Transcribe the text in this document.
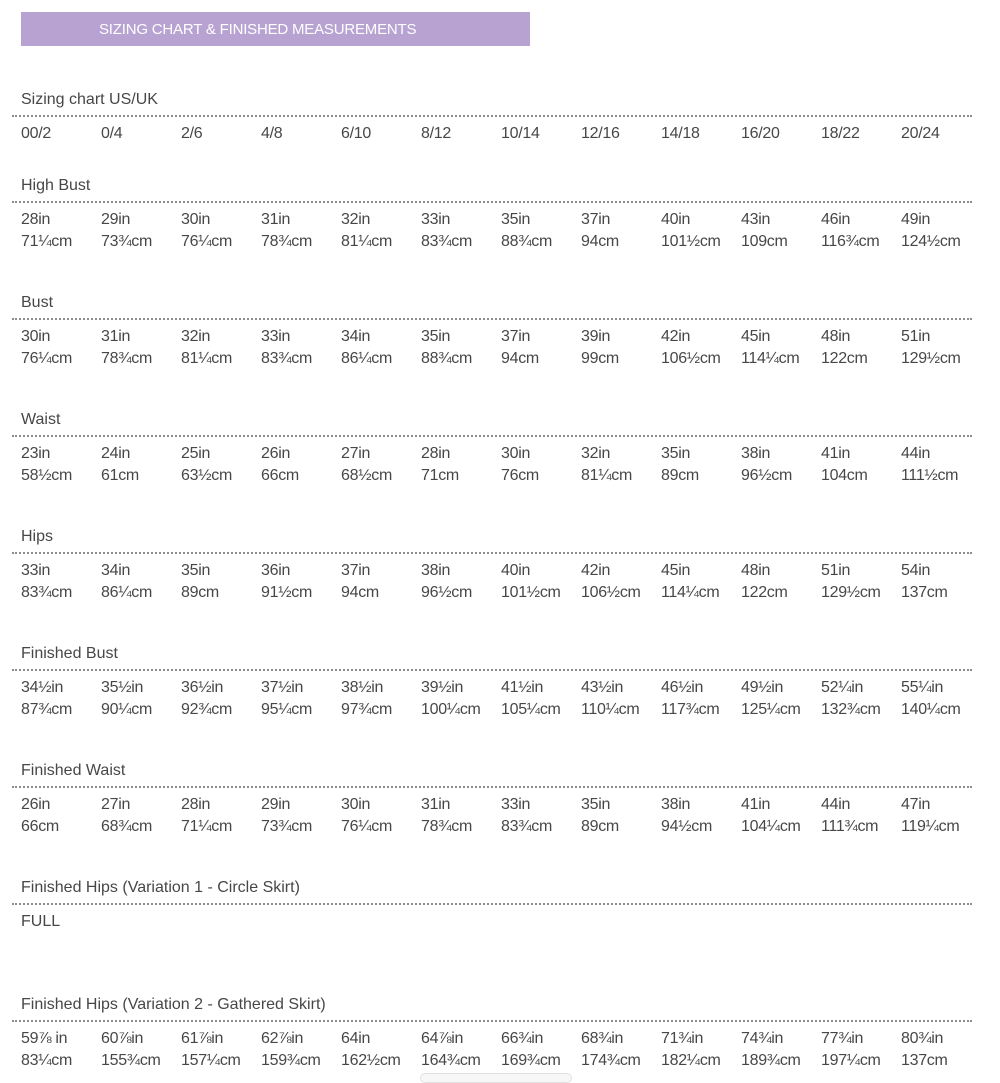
SIZING CHART & FINISHED MEASUREMENTS
Sizing chart US/UK
00/2	0/4	2/6	4/8	6/10	8/12	10/14	12/16	14/18	16/20	18/22	20/24
High Bust
28in	29in	30in	31in	32in	33in	35in	37in	40in	43in	46in	49in
71¼cm 73¾cm 76¼cm 78¾cm 81¼cm 83¾cm 88¾cm 94cm	101½cm 109cm 116¾cm 124½cm
Bust
30in	31in	32in	33in	34in	35in	37in	39in	42in	45in	48in	51in
76¼cm 78¾cm 81¼cm 83¾cm 86¼cm 88¾cm 94cm	99cm	106½cm 114¼cm 122cm 129½cm
Waist
23in	24in	25in	26in	27in	28in	30in	32in	35in	38in	41in	44in
58½cm 61cm	63½cm 66cm	68½cm 71cm	76cm	81¼cm 89cm	96½cm 104cm 111½cm
Hips
33in	34in	35in	36in	37in	38in	40in	42in	45in	48in	51in	54in
83¾cm 86¼cm 89cm	91½cm 94cm	96½cm 101½cm 106½cm 114¼cm 122cm 129½cm 137cm
Finished Bust
34½in 35½in 36½in 37½in 38½in 39½in 41½in 43½in 46½in 49½in 52¼in 55¼in
87¾cm 90¼cm 92¾cm 95¼cm 97¾cm 100¼cm 105¼cm 110¼cm 117¾cm 125¼cm 132¾cm 140¼cm
Finished Waist
26in	27in	28in	29in	30in	31in	33in	35in	38in	41in	44in	47in
66cm	68¾cm 71¼cm 73¾cm 76¼cm 78¾cm 83¾cm 89cm	94½cm 104¼cm 111¾cm 119¼cm
Finished Hips (Variation 1 - Circle Skirt)
FULL
Finished Hips (Variation 2 - Gathered Skirt)
59⅞ in 60⅞in 61⅞in 62⅞in 64in	64⅞in 66¾in 68¾in 71¾in 74¾in 77¾in 80¾in
83¼cm 155¾cm 157¼cm 159¾cm 162½cm 164¾cm 169¾cm 174¾cm 182¼cm 189¾cm 197¼cm 137cm
